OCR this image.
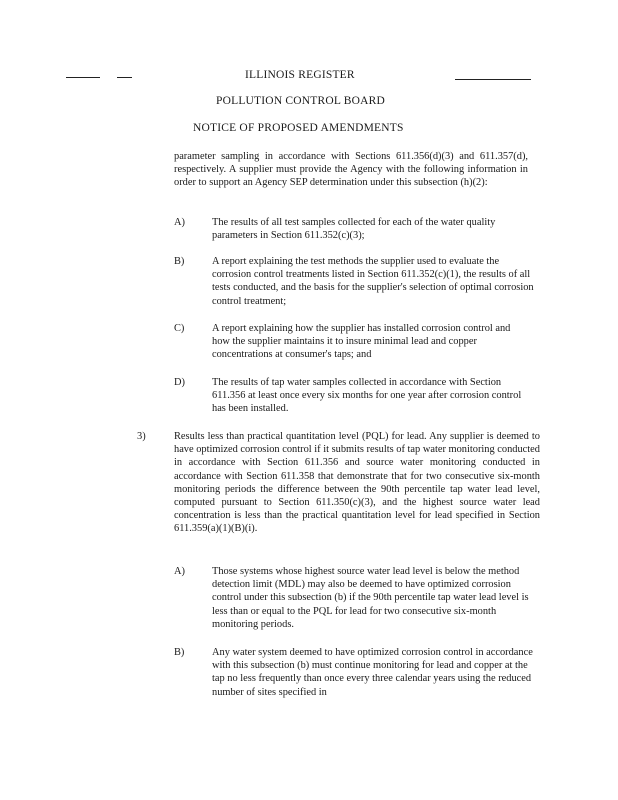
ILLINOIS REGISTER
POLLUTION CONTROL BOARD
NOTICE OF PROPOSED AMENDMENTS
parameter sampling in accordance with Sections 611.356(d)(3) and 611.357(d), respectively. A supplier must provide the Agency with the following information in order to support an Agency SEP determination under this subsection (h)(2):
A)	The results of all test samples collected for each of the water quality parameters in Section 611.352(c)(3);
B)	A report explaining the test methods the supplier used to evaluate the corrosion control treatments listed in Section 611.352(c)(1), the results of all tests conducted, and the basis for the supplier's selection of optimal corrosion control treatment;
C)	A report explaining how the supplier has installed corrosion control and how the supplier maintains it to insure minimal lead and copper concentrations at consumer's taps; and
D)	The results of tap water samples collected in accordance with Section 611.356 at least once every six months for one year after corrosion control has been installed.
3)	Results less than practical quantitation level (PQL) for lead. Any supplier is deemed to have optimized corrosion control if it submits results of tap water monitoring conducted in accordance with Section 611.356 and source water monitoring conducted in accordance with Section 611.358 that demonstrate that for two consecutive six-month monitoring periods the difference between the 90th percentile tap water lead level, computed pursuant to Section 611.350(c)(3), and the highest source water lead concentration is less than the practical quantitation level for lead specified in Section 611.359(a)(1)(B)(i).
A)	Those systems whose highest source water lead level is below the method detection limit (MDL) may also be deemed to have optimized corrosion control under this subsection (b) if the 90th percentile tap water lead level is less than or equal to the PQL for lead for two consecutive six-month monitoring periods.
B)	Any water system deemed to have optimized corrosion control in accordance with this subsection (b) must continue monitoring for lead and copper at the tap no less frequently than once every three calendar years using the reduced number of sites specified in
